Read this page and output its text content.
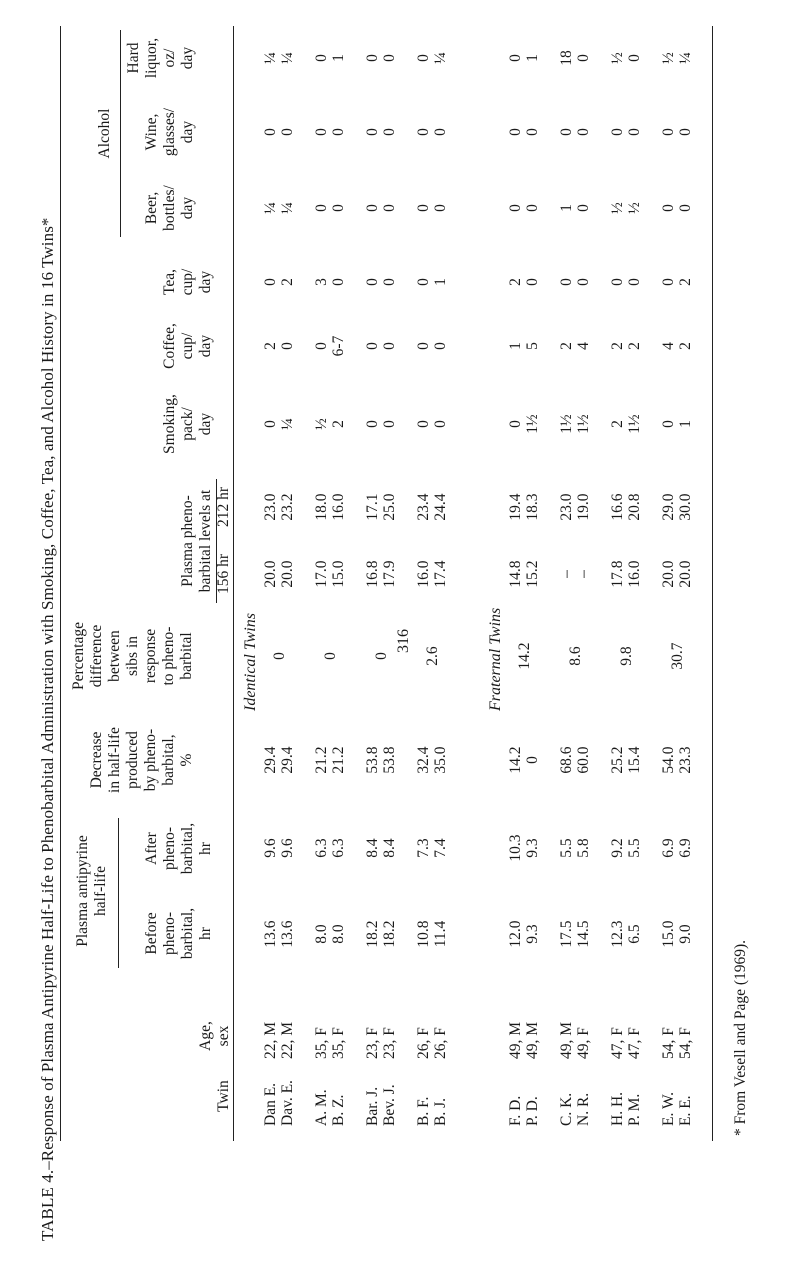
TABLE 4.–Response of Plasma Antipyrine Half-Life to Phenobarbital Administration with Smoking, Coffee, Tea, and Alcohol History in 16 Twins*	Twin
Age,
sex
Before
pheno-
barbital,
hr
After
pheno-
barbital,
hr
Decrease
in half-life
produced
by pheno-
barbital,
%
Percentage
difference
between
sibs in
response
to pheno-
barbital
156 hr
212 hr
Smoking,
pack/
day
Coffee,
cup/
day
Tea,
cup/
day
Beer,
bottles/
day
Wine,
glasses/
day
Hard
liquor,
oz/
day
Plasma antipyrine
half-life
Plasma pheno-
barbital levels at
Alcohol
Identical Twins
Dan E.
22, M
13.6
9.6
29.4
20.0
23.0
0
2
0
¼
0
¼
Dav. E.
22, M
13.6
9.6
29.4
20.0
23.2
¼
0
2
¼
0
¼
0
A. M.
35, F
8.0
6.3
21.2
17.0
18.0
½
0
3
0
0
0
B. Z.
35, F
8.0
6.3
21.2
15.0
16.0
2
6-7
0
0
0
1
0
Bar. J.
23, F
18.2
8.4
53.8
16.8
17.1
0
0
0
0
0
0
Bev. J.
23, F
18.2
8.4
53.8
17.9
25.0
0
0
0
0
0
0
0
B. F.
26, F
10.8
7.3
32.4
16.0
23.4
0
0
0
0
0
0
B. J.
26, F
11.4
7.4
35.0
17.4
24.4
0
0
1
0
0
¼
2.6	Fraternal Twins
F. D.
49, M
12.0
10.3
14.2
14.8
19.4
0
1
2
0
0
0
P. D.
49, M
9.3
9.3
0
15.2
18.3
1½
5
0
0
0
1
14.2
C. K.
49, M
17.5
5.5
68.6
–
23.0
1½
2
0
1
0
18
N. R.
49, F
14.5
5.8
60.0
–
19.0
1½
4
0
0
0
0
8.6
H. H.
47, F
12.3
9.2
25.2
17.8
16.6
2
2
0
½
0
½
P. M.
47, F
6.5
5.5
15.4
16.0
20.8
1½
2
0
½
0
0
9.8
E. W.
54, F
15.0
6.9
54.0
20.0
29.0
0
4
0
0
0
½
E. E.
54, F
9.0
6.9
23.3
20.0
30.0
1
2
2
0
0
¼
30.7
* From Vesell and Page (1969).
316
